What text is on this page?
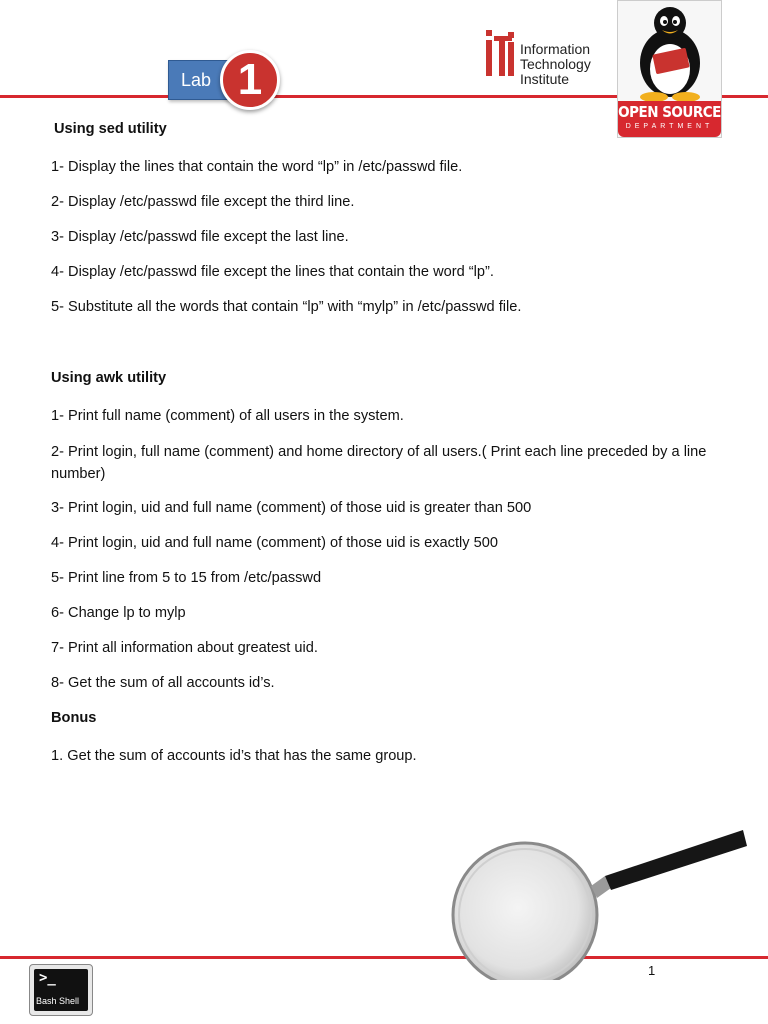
Lab 1
Information
Technology
Institute
OPEN SOURCE
DEPARTMENT
Using sed utility
1- Display the lines that contain the word “lp” in /etc/passwd file.
2- Display /etc/passwd file except the third line.
3- Display /etc/passwd file except the last line.
4- Display /etc/passwd file except the lines that contain the word “lp”.
5- Substitute all the words that contain “lp” with “mylp” in /etc/passwd file.
Using awk utility
1- Print full name (comment) of all users in the system.
2- Print login, full name (comment) and home directory of all users.( Print each line preceded by a line number)
3- Print login, uid and full name (comment) of those uid is greater than 500
4- Print login, uid and full name (comment) of those uid is exactly 500
5- Print line from 5 to 15 from /etc/passwd
6- Change lp to mylp
7- Print all information about greatest uid.
8- Get the sum of all accounts id’s.
Bonus
1. Get the sum of accounts id’s that has the same group.
1
>_
Bash Shell
